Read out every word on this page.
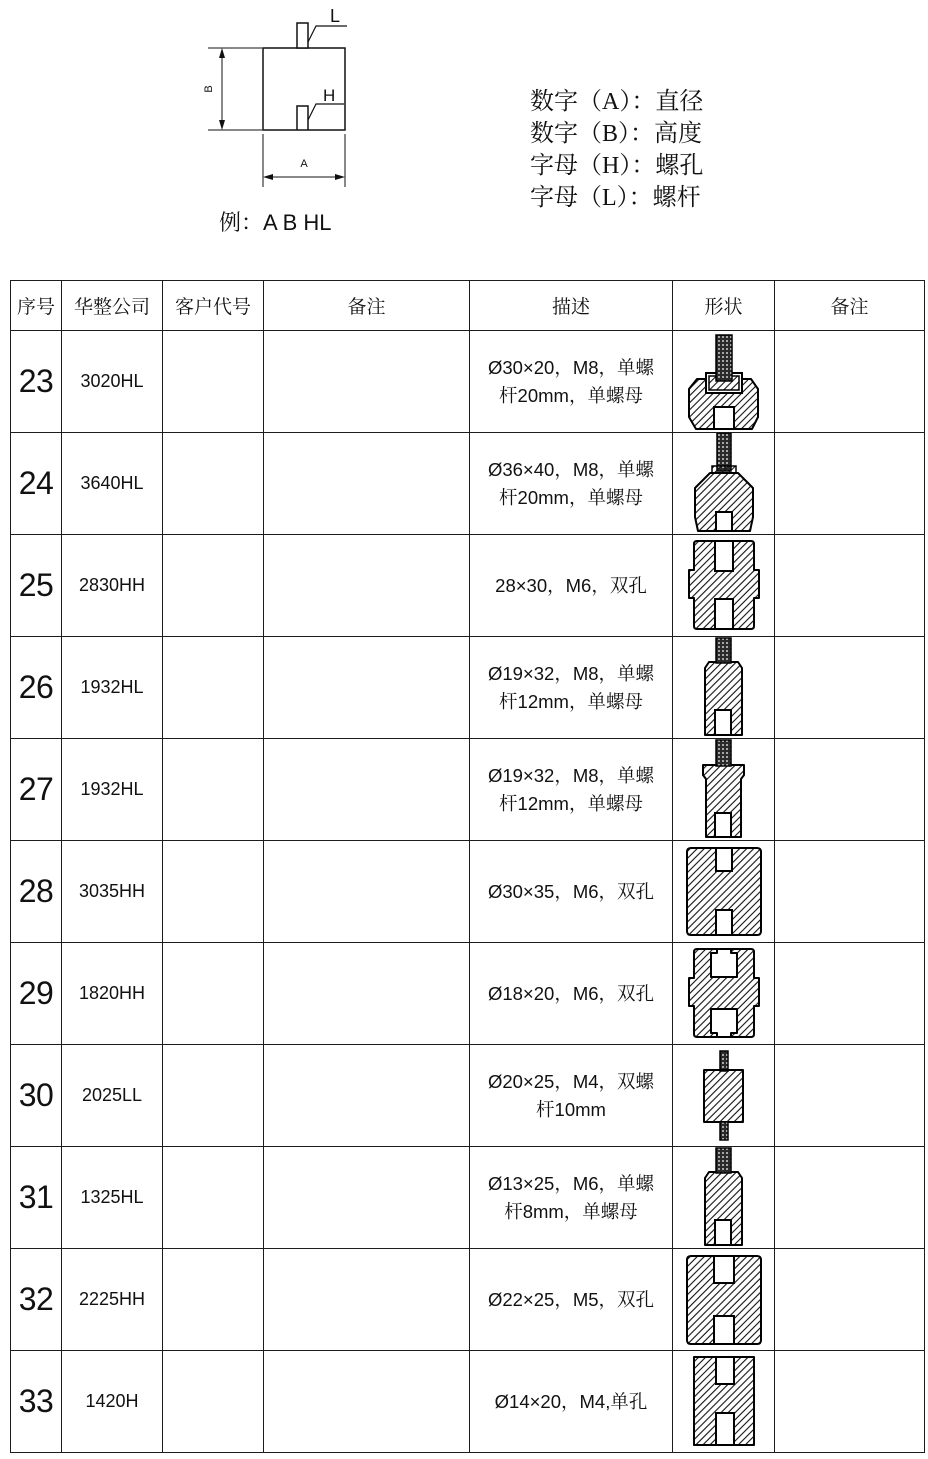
L
H
B
A
例：A B HL
数字（A）：直径
数字（B）：高度
字母（H）：螺孔
字母（L）：螺杆
序号	华整公司	客户代号	备注	描述	形状	备注
23	3020HL			Ø30×20，M8，单螺
杆20mm，单螺母

24	3640HL			Ø36×40，M8，单螺
杆20mm，单螺母

25	2830HH			28×30，M6，双孔

26	1932HL			Ø19×32，M8，单螺
杆12mm，单螺母

27	1932HL			Ø19×32，M8，单螺
杆12mm，单螺母

28	3035HH			Ø30×35，M6，双孔

29	1820HH			Ø18×20，M6，双孔

30	2025LL			Ø20×25，M4，双螺
杆10mm

31	1325HL			Ø13×25，M6，单螺
杆8mm，单螺母

32	2225HH			Ø22×25，M5，双孔

33	1420H			Ø14×20，M4,单孔
